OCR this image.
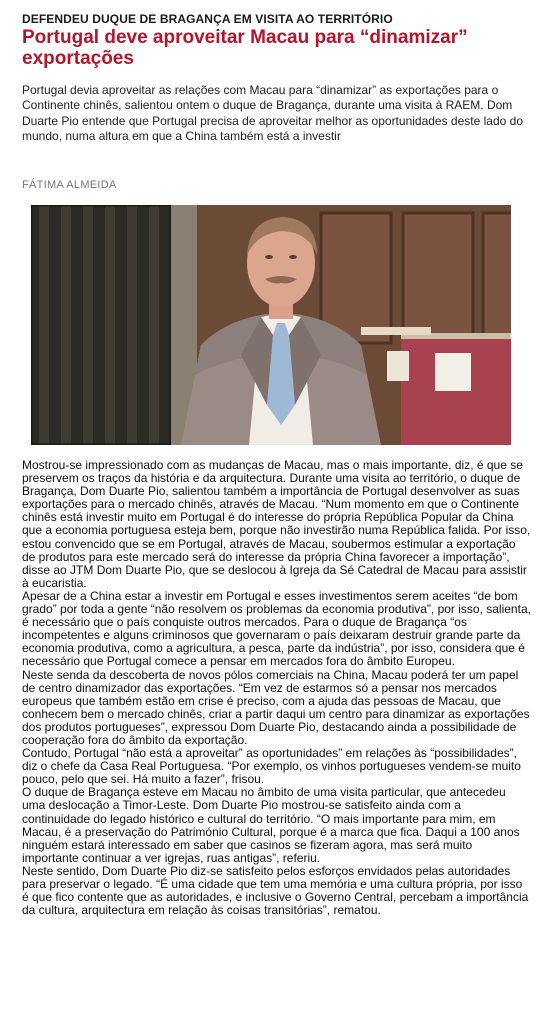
DEFENDEU DUQUE DE BRAGANÇA EM VISITA AO TERRITÓRIO
Portugal deve aproveitar Macau para “dinamizar” exportações
Portugal devia aproveitar as relações com Macau para “dinamizar” as exportações para o Continente chinês, salientou ontem o duque de Bragança, durante uma visita à RAEM. Dom Duarte Pio entende que Portugal precisa de aproveitar melhor as oportunidades deste lado do mundo, numa altura em que a China também está a investir
FÁTIMA ALMEIDA

Mostrou-se impressionado com as mudanças de Macau, mas o mais importante, diz, é que se preservem os traços da história e da arquitectura. Durante uma visita ao território, o duque de Bragança, Dom Duarte Pio, salientou também a importância de Portugal desenvolver as suas exportações para o mercado chinês, através de Macau. “Num momento em que o Continente chinês está investir muito em Portugal é do interesse do própria República Popular da China que a economia portuguesa esteja bem, porque não investirão numa República falida. Por isso, estou convencido que se em Portugal, através de Macau, soubermos estimular a exportação de produtos para este mercado será do interesse da própria China favorecer a importação”, disse ao JTM Dom Duarte Pio, que se deslocou à Igreja da Sé Catedral de Macau para assistir à eucaristia.

Apesar de a China estar a investir em Portugal e esses investimentos serem aceites “de bom grado” por toda a gente “não resolvem os problemas da economia produtiva”, por isso, salienta, é necessário que o país conquiste outros mercados. Para o duque de Bragança “os incompetentes e alguns criminosos que governaram o país deixaram destruir grande parte da economia produtiva, como a agricultura, a pesca, parte da indústria”, por isso, considera que é necessário que Portugal comece a pensar em mercados fora do âmbito Europeu.

Neste senda da descoberta de novos pólos comerciais na China, Macau poderá ter um papel de centro dinamizador das exportações. “Em vez de estarmos só a pensar nos mercados europeus que também estão em crise é preciso, com a ajuda das pessoas de Macau, que conhecem bem o mercado chinês, criar a partir daqui um centro para dinamizar as exportações dos produtos portugueses”, expressou Dom Duarte Pio, destacando ainda a possibilidade de cooperação fora do âmbito da exportação.

Contudo, Portugal “não está a aproveitar” as oportunidades” em relações às “possibilidades”, diz o chefe da Casa Real Portuguesa. “Por exemplo, os vinhos portugueses vendem-se muito pouco, pelo que sei. Há muito a fazer”, frisou.

O duque de Bragança esteve em Macau no âmbito de uma visita particular, que antecedeu uma deslocação a Timor-Leste. Dom Duarte Pio mostrou-se satisfeito ainda com a continuidade do legado histórico e cultural do território. “O mais importante para mim, em Macau, é a preservação do Património Cultural, porque é a marca que fica. Daqui a 100 anos ninguém estará interessado em saber que casinos se fizeram agora, mas será muito importante continuar a ver igrejas, ruas antigas”, referiu.

Neste sentido, Dom Duarte Pio diz-se satisfeito pelos esforços envidados pelas autoridades para preservar o legado. “É uma cidade que tem uma memória e uma cultura própria, por isso é que fico contente que as autoridades, e inclusive o Governo Central, percebam a importância da cultura, arquitectura em relação às coisas transitórias”, rematou.
